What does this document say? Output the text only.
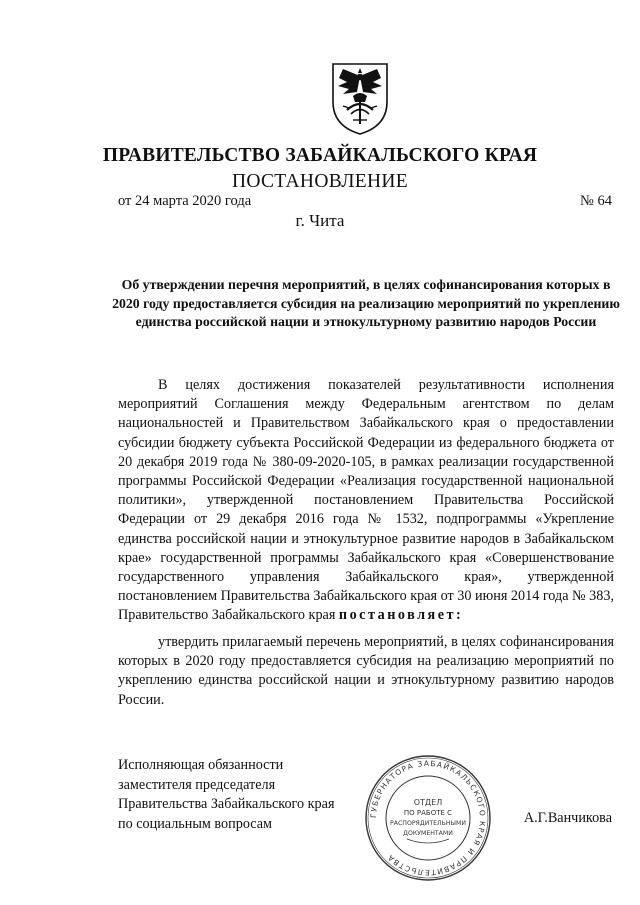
ПРАВИТЕЛЬСТВО ЗАБАЙКАЛЬСКОГО КРАЯ
ПОСТАНОВЛЕНИЕ
от 24 марта 2020 года	№ 64
г. Чита
Об утверждении перечня мероприятий, в целях софинансирования которых в 2020 году предоставляется субсидия на реализацию мероприятий по укреплению единства российской нации и этнокультурному развитию народов России
В целях достижения показателей результативности исполнения мероприятий Соглашения между Федеральным агентством по делам национальностей и Правительством Забайкальского края о предоставлении субсидии бюджету субъекта Российской Федерации из федерального бюджета от 20 декабря 2019 года № 380-09-2020-105, в рамках реализации государственной программы Российской Федерации «Реализация государственной национальной политики», утвержденной постановлением Правительства Российской Федерации от 29 декабря 2016 года № 1532, подпрограммы «Укрепление единства российской нации и этнокультурное развитие народов в Забайкальском крае» государственной программы Забайкальского края «Совершенствование государственного управления Забайкальского края», утвержденной постановлением Правительства Забайкальского края от 30 июня 2014 года № 383, Правительство Забайкальского края постановляет:
утвердить прилагаемый перечень мероприятий, в целях софинансирования которых в 2020 году предоставляется субсидия на реализацию мероприятий по укреплению единства российской нации и этнокультурному развитию народов России.
Исполняющая обязанности
заместителя председателя
Правительства Забайкальского края
по социальным вопросам	А.Г.Ванчикова
ГУБЕРНАТОРА ЗАБАЙКАЛЬСКОГО КРАЯ И ПРАВИТЕЛЬСТВА
ОТДЕЛ
ПО РАБОТЕ С
РАСПОРЯДИТЕЛЬНЫМИ
ДОКУМЕНТАМИ
